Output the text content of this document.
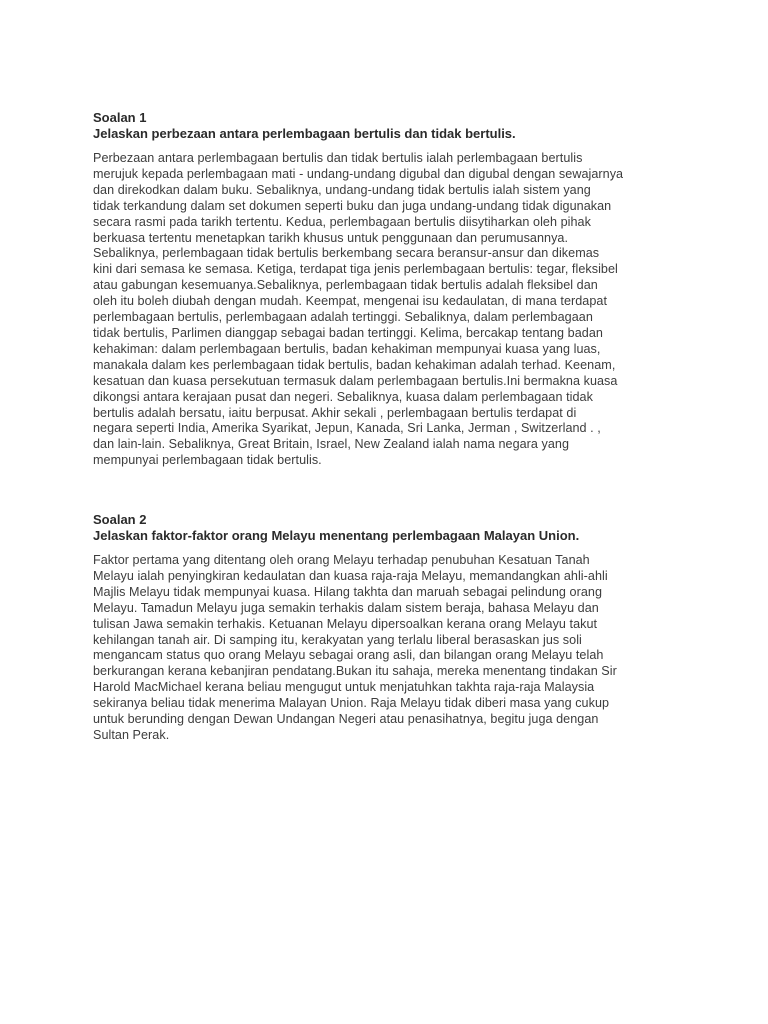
Soalan 1

Jelaskan perbezaan antara perlembagaan bertulis dan tidak bertulis.

Perbezaan antara perlembagaan bertulis dan tidak bertulis ialah perlembagaan bertulis
merujuk kepada perlembagaan mati - undang-undang digubal dan digubal dengan sewajarnya
dan direkodkan dalam buku. Sebaliknya, undang-undang tidak bertulis ialah sistem yang
tidak terkandung dalam set dokumen seperti buku dan juga undang-undang tidak digunakan
secara rasmi pada tarikh tertentu. Kedua, perlembagaan bertulis diisytiharkan oleh pihak
berkuasa tertentu menetapkan tarikh khusus untuk penggunaan dan perumusannya.
Sebaliknya, perlembagaan tidak bertulis berkembang secara beransur-ansur dan dikemas
kini dari semasa ke semasa. Ketiga, terdapat tiga jenis perlembagaan bertulis: tegar, fleksibel
atau gabungan kesemuanya.Sebaliknya, perlembagaan tidak bertulis adalah fleksibel dan
oleh itu boleh diubah dengan mudah. Keempat, mengenai isu kedaulatan, di mana terdapat
perlembagaan bertulis, perlembagaan adalah tertinggi. Sebaliknya, dalam perlembagaan
tidak bertulis, Parlimen dianggap sebagai badan tertinggi. Kelima, bercakap tentang badan
kehakiman: dalam perlembagaan bertulis, badan kehakiman mempunyai kuasa yang luas,
manakala dalam kes perlembagaan tidak bertulis, badan kehakiman adalah terhad. Keenam,
kesatuan dan kuasa persekutuan termasuk dalam perlembagaan bertulis.Ini bermakna kuasa
dikongsi antara kerajaan pusat dan negeri. Sebaliknya, kuasa dalam perlembagaan tidak
bertulis adalah bersatu, iaitu berpusat. Akhir sekali , perlembagaan bertulis terdapat di
negara seperti India, Amerika Syarikat, Jepun, Kanada, Sri Lanka, Jerman , Switzerland . ,
dan lain-lain. Sebaliknya, Great Britain, Israel, New Zealand ialah nama negara yang
mempunyai perlembagaan tidak bertulis.

Soalan 2

Jelaskan faktor-faktor orang Melayu menentang perlembagaan Malayan Union.

Faktor pertama yang ditentang oleh orang Melayu terhadap penubuhan Kesatuan Tanah
Melayu ialah penyingkiran kedaulatan dan kuasa raja-raja Melayu, memandangkan ahli-ahli
Majlis Melayu tidak mempunyai kuasa. Hilang takhta dan maruah sebagai pelindung orang
Melayu. Tamadun Melayu juga semakin terhakis dalam sistem beraja, bahasa Melayu dan
tulisan Jawa semakin terhakis. Ketuanan Melayu dipersoalkan kerana orang Melayu takut
kehilangan tanah air. Di samping itu, kerakyatan yang terlalu liberal berasaskan jus soli
mengancam status quo orang Melayu sebagai orang asli, dan bilangan orang Melayu telah
berkurangan kerana kebanjiran pendatang.Bukan itu sahaja, mereka menentang tindakan Sir
Harold MacMichael kerana beliau mengugut untuk menjatuhkan takhta raja-raja Malaysia
sekiranya beliau tidak menerima Malayan Union. Raja Melayu tidak diberi masa yang cukup
untuk berunding dengan Dewan Undangan Negeri atau penasihatnya, begitu juga dengan
Sultan Perak.
